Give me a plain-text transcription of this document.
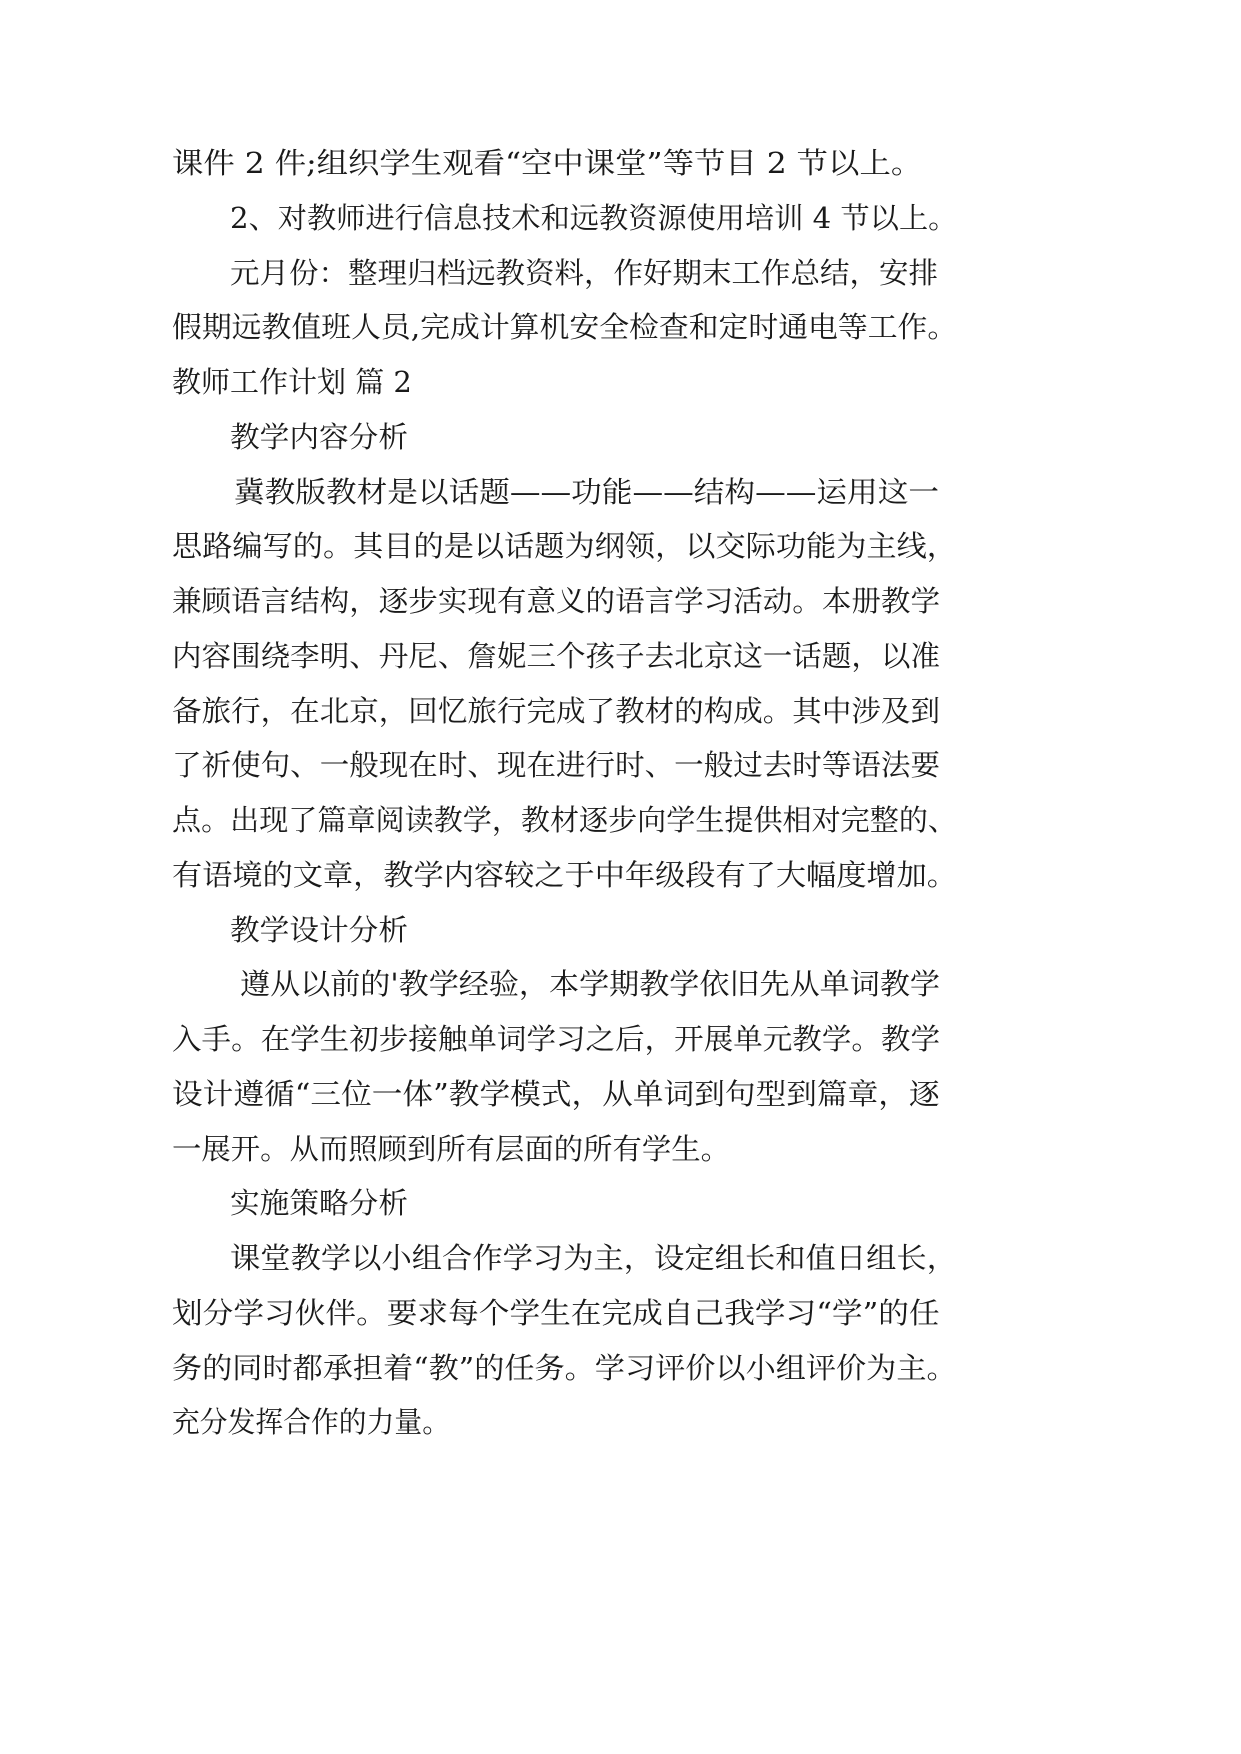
课件 2 件;组织学生观看“空中课堂”等节目 2 节以上。
2、对教师进行信息技术和远教资源使用培训 4 节以上。
元月份：整理归档远教资料，作好期末工作总结，安排
假期远教值班人员,完成计算机安全检查和定时通电等工作。
教师工作计划 篇 2
教学内容分析
冀教版教材是以话题——功能——结构——运用这一
思路编写的。其目的是以话题为纲领，以交际功能为主线，
兼顾语言结构，逐步实现有意义的语言学习活动。本册教学
内容围绕李明、丹尼、詹妮三个孩子去北京这一话题，以准
备旅行，在北京，回忆旅行完成了教材的构成。其中涉及到
了祈使句、一般现在时、现在进行时、一般过去时等语法要
点。出现了篇章阅读教学，教材逐步向学生提供相对完整的、
有语境的文章，教学内容较之于中年级段有了大幅度增加。
教学设计分析
遵从以前的'教学经验，本学期教学依旧先从单词教学
入手。在学生初步接触单词学习之后，开展单元教学。教学
设计遵循“三位一体”教学模式，从单词到句型到篇章，逐
一展开。从而照顾到所有层面的所有学生。
实施策略分析
课堂教学以小组合作学习为主，设定组长和值日组长，
划分学习伙伴。要求每个学生在完成自己我学习“学”的任
务的同时都承担着“教”的任务。学习评价以小组评价为主。
充分发挥合作的力量。
